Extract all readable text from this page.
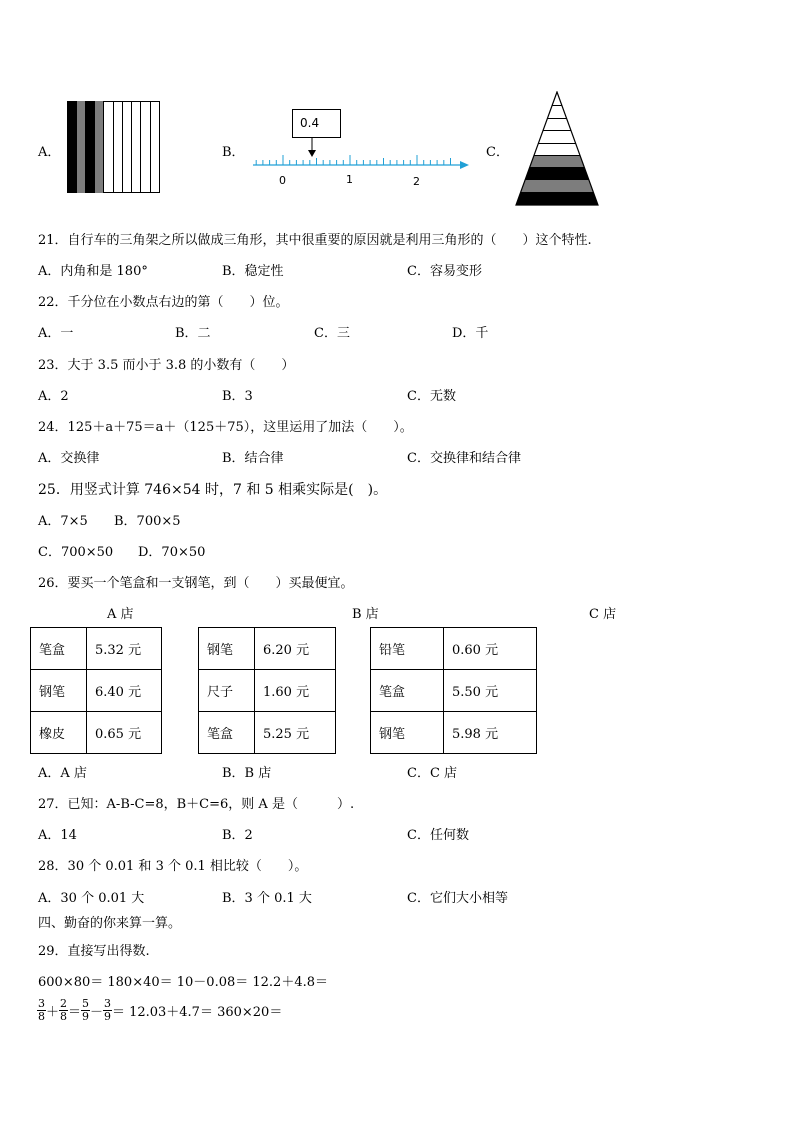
A．	B．
0.4
0	1	2
C．
21．自行车的三角架之所以做成三角形，其中很重要的原因就是利用三角形的（　　）这个特性.
A．内角和是 180°	B．稳定性	C．容易变形
22．千分位在小数点右边的第（　　）位。
A．一	B．二	C．三	D．千
23．大于 3.5 而小于 3.8 的小数有（　　）
A．2	B．3	C．无数
24．125＋a＋75＝a＋（125＋75），这里运用了加法（　　）。
A．交换律	B．结合律	C．交换律和结合律
25．用竖式计算 746×54 时，7 和 5 相乘实际是(　)。
A．7×5 B．700×5
C．700×50 D．70×50
26．要买一个笔盒和一支钢笔，到（　　）买最便宜。
A 店	B 店	C 店
笔盒	5.32 元
钢笔	6.40 元
橡皮	0.65 元
钢笔	6.20 元
尺子	1.60 元
笔盒	5.25 元
铅笔	0.60 元
笔盒	5.50 元
钢笔	5.98 元
A．A 店	B．B 店	C．C 店
27．已知：A-B-C=8，B＋C=6，则 A 是（　　　）.
A．14	B．2	C．任何数
28．30 个 0.01 和 3 个 0.1 相比较（　　）。
A．30 个 0.01 大	B．3 个 0.1 大	C．它们大小相等
四、勤奋的你来算一算。
29．直接写出得数.
600×80＝ 180×40＝ 10－0.08＝ 12.2＋4.8＝
$\frac{3}{8} + \frac{2}{8} = \frac{5}{9} - \frac{3}{9} = 12.03+4.7= 360\times 20=$
